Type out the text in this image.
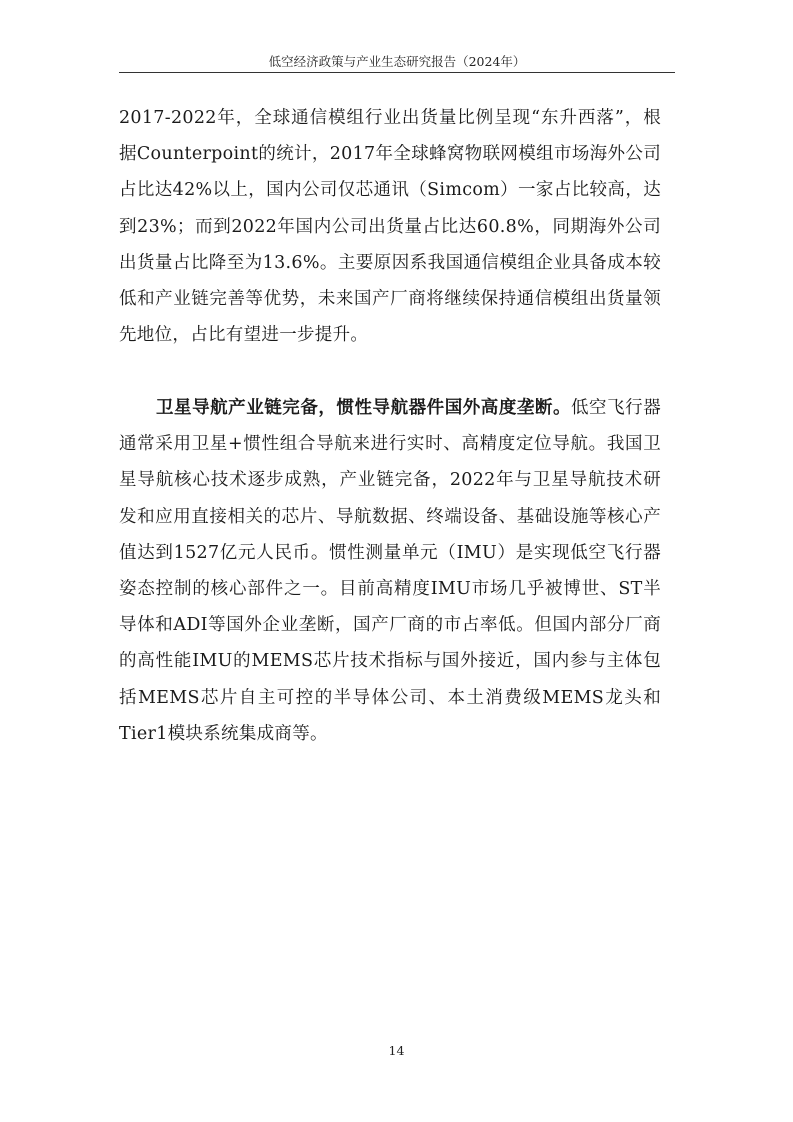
低空经济政策与产业生态研究报告（2024年）

2017-2022年，全球通信模组行业出货量比例呈现“东升西落”，根据Counterpoint的统计，2017年全球蜂窝物联网模组市场海外公司占比达42%以上，国内公司仅芯通讯（Simcom）一家占比较高，达到23%；而到2022年国内公司出货量占比达60.8%，同期海外公司出货量占比降至为13.6%。主要原因系我国通信模组企业具备成本较低和产业链完善等优势，未来国产厂商将继续保持通信模组出货量领先地位，占比有望进一步提升。

卫星导航产业链完备，惯性导航器件国外高度垄断。低空飞行器通常采用卫星+惯性组合导航来进行实时、高精度定位导航。我国卫星导航核心技术逐步成熟，产业链完备，2022年与卫星导航技术研发和应用直接相关的芯片、导航数据、终端设备、基础设施等核心产值达到1527亿元人民币。惯性测量单元（IMU）是实现低空飞行器姿态控制的核心部件之一。目前高精度IMU市场几乎被博世、ST半导体和ADI等国外企业垄断，国产厂商的市占率低。但国内部分厂商的高性能IMU的MEMS芯片技术指标与国外接近，国内参与主体包括MEMS芯片自主可控的半导体公司、本土消费级MEMS龙头和Tier1模块系统集成商等。

14
